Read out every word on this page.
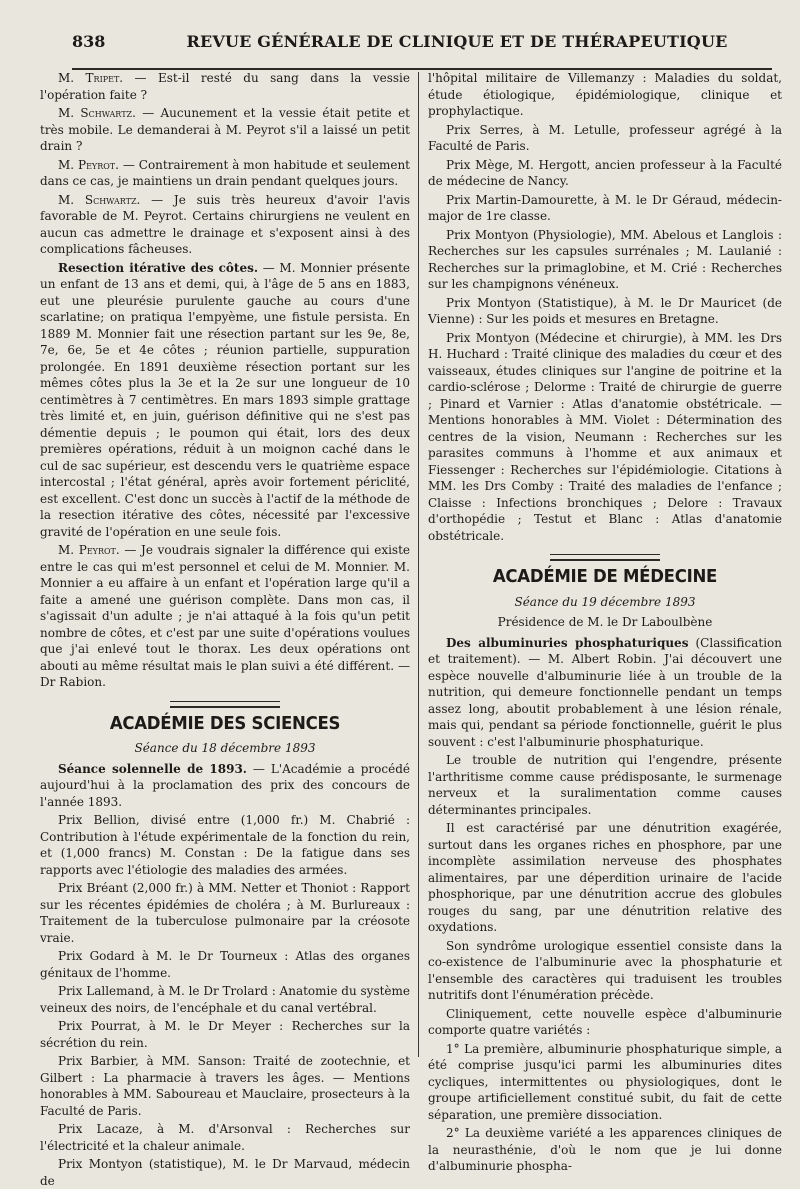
838	REVUE GÉNÉRALE DE CLINIQUE ET DE THÉRAPEUTIQUE

M. Tripet. — Est-il resté du sang dans la vessie l'opération faite ?

M. Schwartz. — Aucunement et la vessie était petite et très mobile. Le demanderai à M. Peyrot s'il a laissé un petit drain ?

M. Peyrot. — Contrairement à mon habitude et seulement dans ce cas, je maintiens un drain pendant quelques jours.

M. Schwartz. — Je suis très heureux d'avoir l'avis favorable de M. Peyrot. Certains chirurgiens ne veulent en aucun cas admettre le drainage et s'exposent ainsi à des complications fâcheuses.

Resection itérative des côtes. — M. Monnier présente un enfant de 13 ans et demi, qui, à l'âge de 5 ans en 1883, eut une pleurésie purulente gauche au cours d'une scarlatine; on pratiqua l'empyème, une fistule persista. En 1889 M. Monnier fait une résection partant sur les 9e, 8e, 7e, 6e, 5e et 4e côtes ; réunion partielle, suppuration prolongée. En 1891 deuxième résection portant sur les mêmes côtes plus la 3e et la 2e sur une longueur de 10 centimètres à 7 centimètres. En mars 1893 simple grattage très limité et, en juin, guérison définitive qui ne s'est pas démentie depuis ; le poumon qui était, lors des deux premières opérations, réduit à un moignon caché dans le cul de sac supérieur, est descendu vers le quatrième espace intercostal ; l'état général, après avoir fortement périclité, est excellent. C'est donc un succès à l'actif de la méthode de la resection itérative des côtes, nécessité par l'excessive gravité de l'opération en une seule fois.

M. Peyrot. — Je voudrais signaler la différence qui existe entre le cas qui m'est personnel et celui de M. Monnier. M. Monnier a eu affaire à un enfant et l'opération large qu'il a faite a amené une guérison complète. Dans mon cas, il s'agissait d'un adulte ; je n'ai attaqué à la fois qu'un petit nombre de côtes, et c'est par une suite d'opérations voulues que j'ai enlevé tout le thorax. Les deux opérations ont abouti au même résultat mais le plan suivi a été différent. — Dr Rabion.

ACADÉMIE DES SCIENCES

Séance du 18 décembre 1893

Séance solennelle de 1893. — L'Académie a procédé aujourd'hui à la proclamation des prix des concours de l'année 1893.

Prix Bellion, divisé entre (1,000 fr.) M. Chabrié : Contribution à l'étude expérimentale de la fonction du rein, et (1,000 francs) M. Constan : De la fatigue dans ses rapports avec l'étiologie des maladies des armées.

Prix Bréant (2,000 fr.) à MM. Netter et Thoniot : Rapport sur les récentes épidémies de choléra ; à M. Burlureaux : Traitement de la tuberculose pulmonaire par la créosote vraie.

Prix Godard à M. le Dr Tourneux : Atlas des organes génitaux de l'homme.

Prix Lallemand, à M. le Dr Trolard : Anatomie du système veineux des noirs, de l'encéphale et du canal vertébral.

Prix Pourrat, à M. le Dr Meyer : Recherches sur la sécrétion du rein.

Prix Barbier, à MM. Sanson: Traité de zootechnie, et Gilbert : La pharmacie à travers les âges. — Mentions honorables à MM. Saboureau et Mauclaire, prosecteurs à la Faculté de Paris.

Prix Lacaze, à M. d'Arsonval : Recherches sur l'électricité et la chaleur animale.

Prix Montyon (statistique), M. le Dr Marvaud, médecin de

l'hôpital militaire de Villemanzy : Maladies du soldat, étude étiologique, épidémiologique, clinique et prophylactique.

Prix Serres, à M. Letulle, professeur agrégé à la Faculté de Paris.

Prix Mège, M. Hergott, ancien professeur à la Faculté de médecine de Nancy.

Prix Martin-Damourette, à M. le Dr Géraud, médecin-major de 1re classe.

Prix Montyon (Physiologie), MM. Abelous et Langlois : Recherches sur les capsules surrénales ; M. Laulanié : Recherches sur la primaglobine, et M. Crié : Recherches sur les champignons vénéneux.

Prix Montyon (Statistique), à M. le Dr Mauricet (de Vienne) : Sur les poids et mesures en Bretagne.

Prix Montyon (Médecine et chirurgie), à MM. les Drs H. Huchard : Traité clinique des maladies du cœur et des vaisseaux, études cliniques sur l'angine de poitrine et la cardio-sclérose ; Delorme : Traité de chirurgie de guerre ; Pinard et Varnier : Atlas d'anatomie obstétricale. — Mentions honorables à MM. Violet : Détermination des centres de la vision, Neumann : Recherches sur les parasites communs à l'homme et aux animaux et Fiessenger : Recherches sur l'épidémiologie. Citations à MM. les Drs Comby : Traité des maladies de l'enfance ; Claisse : Infections bronchiques ; Delore : Travaux d'orthopédie ; Testut et Blanc : Atlas d'anatomie obstétricale.

ACADÉMIE DE MÉDECINE

Séance du 19 décembre 1893

Présidence de M. le Dr Laboulbène

Des albuminuries phosphaturiques (Classification et traitement). — M. Albert Robin. J'ai découvert une espèce nouvelle d'albuminurie liée à un trouble de la nutrition, qui demeure fonctionnelle pendant un temps assez long, aboutit probablement à une lésion rénale, mais qui, pendant sa période fonctionnelle, guérit le plus souvent : c'est l'albuminurie phosphaturique.

Le trouble de nutrition qui l'engendre, présente l'arthritisme comme cause prédisposante, le surmenage nerveux et la suralimentation comme causes déterminantes principales.

Il est caractérisé par une dénutrition exagérée, surtout dans les organes riches en phosphore, par une incomplète assimilation nerveuse des phosphates alimentaires, par une déperdition urinaire de l'acide phosphorique, par une dénutrition accrue des globules rouges du sang, par une dénutrition relative des oxydations.

Son syndrôme urologique essentiel consiste dans la co-existence de l'albuminurie avec la phosphaturie et l'ensemble des caractères qui traduisent les troubles nutritifs dont l'énumération précède.

Cliniquement, cette nouvelle espèce d'albuminurie comporte quatre variétés :

1° La première, albuminurie phosphaturique simple, a été comprise jusqu'ici parmi les albuminuries dites cycliques, intermittentes ou physiologiques, dont le groupe artificiellement constitué subit, du fait de cette séparation, une première dissociation.

2° La deuxième variété a les apparences cliniques de la neurasthénie, d'où le nom que je lui donne d'albuminurie phospha-
